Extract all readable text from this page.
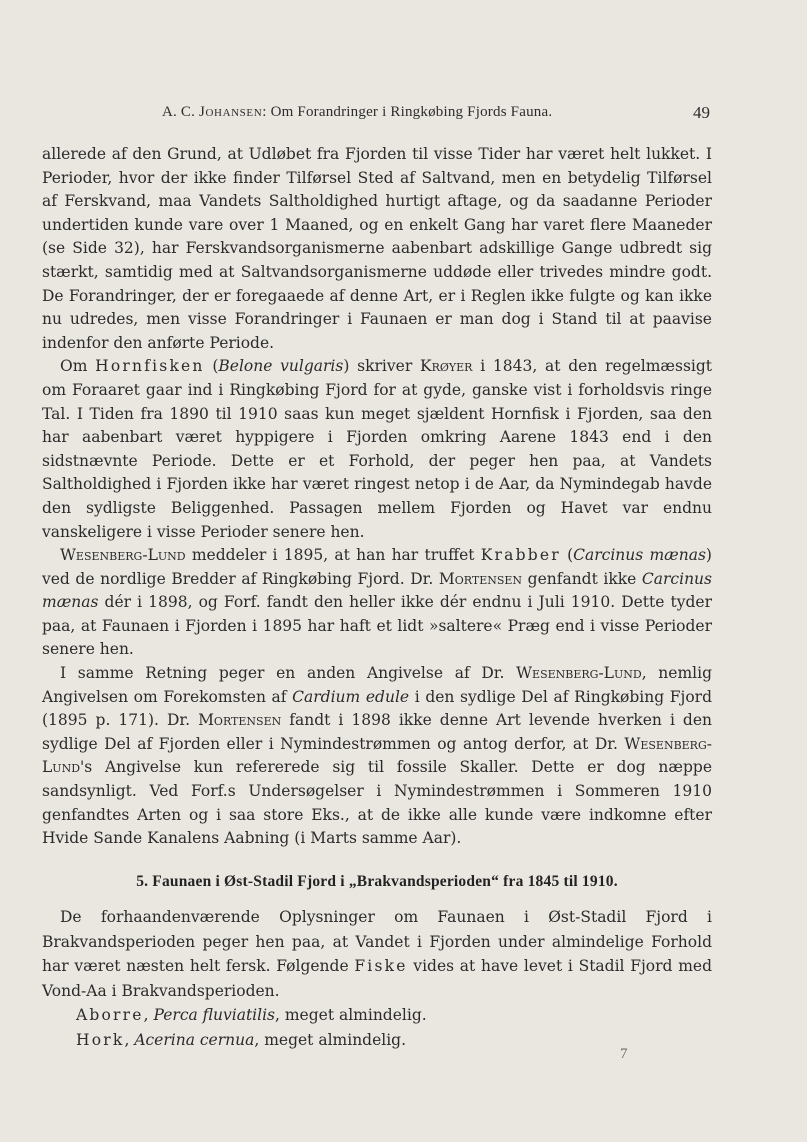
A. C. Johansen: Om Forandringer i Ringkøbing Fjords Fauna.	49

allerede af den Grund, at Udløbet fra Fjorden til visse Tider har været helt lukket. I Perioder, hvor der ikke finder Tilførsel Sted af Saltvand, men en betydelig Tilførsel af Ferskvand, maa Vandets Saltholdighed hurtigt aftage, og da saadanne Perioder undertiden kunde vare over 1 Maaned, og en enkelt Gang har varet flere Maaneder (se Side 32), har Ferskvandsorganismerne aabenbart adskillige Gange udbredt sig stærkt, samtidig med at Saltvandsorganismerne uddøde eller trivedes mindre godt. De Forandringer, der er foregaaede af denne Art, er i Reglen ikke fulgte og kan ikke nu udredes, men visse Forandringer i Faunaen er man dog i Stand til at paavise indenfor den anførte Periode.

Om Hornfisken (Belone vulgaris) skriver Krøyer i 1843, at den regelmæssigt om Foraaret gaar ind i Ringkøbing Fjord for at gyde, ganske vist i forholdsvis ringe Tal. I Tiden fra 1890 til 1910 saas kun meget sjældent Hornfisk i Fjorden, saa den har aabenbart været hyppigere i Fjorden omkring Aarene 1843 end i den sidstnævnte Periode. Dette er et Forhold, der peger hen paa, at Vandets Saltholdighed i Fjorden ikke har været ringest netop i de Aar, da Nymindegab havde den sydligste Beliggenhed. Passagen mellem Fjorden og Havet var endnu vanskeligere i visse Perioder senere hen.

Wesenberg-Lund meddeler i 1895, at han har truffet Krabber (Carcinus mænas) ved de nordlige Bredder af Ringkøbing Fjord. Dr. Mortensen genfandt ikke Carcinus mænas dér i 1898, og Forf. fandt den heller ikke dér endnu i Juli 1910. Dette tyder paa, at Faunaen i Fjorden i 1895 har haft et lidt »saltere« Præg end i visse Perioder senere hen.

I samme Retning peger en anden Angivelse af Dr. Wesenberg-Lund, nemlig Angivelsen om Forekomsten af Cardium edule i den sydlige Del af Ringkøbing Fjord (1895 p. 171). Dr. Mortensen fandt i 1898 ikke denne Art levende hverken i den sydlige Del af Fjorden eller i Nymindestrømmen og antog derfor, at Dr. Wesenberg-Lund's Angivelse kun refererede sig til fossile Skaller. Dette er dog næppe sandsynligt. Ved Forf.s Undersøgelser i Nymindestrømmen i Sommeren 1910 genfandtes Arten og i saa store Eks., at de ikke alle kunde være indkomne efter Hvide Sande Kanalens Aabning (i Marts samme Aar).

5. Faunaen i Øst-Stadil Fjord i „Brakvandsperioden“ fra 1845 til 1910.

De forhaandenværende Oplysninger om Faunaen i Øst-Stadil Fjord i Brakvandsperioden peger hen paa, at Vandet i Fjorden under almindelige Forhold har været næsten helt fersk. Følgende Fiske vides at have levet i Stadil Fjord med Vond-Aa i Brakvandsperioden.

Aborre, Perca fluviatilis, meget almindelig.

Hork, Acerina cernua, meget almindelig.

7
